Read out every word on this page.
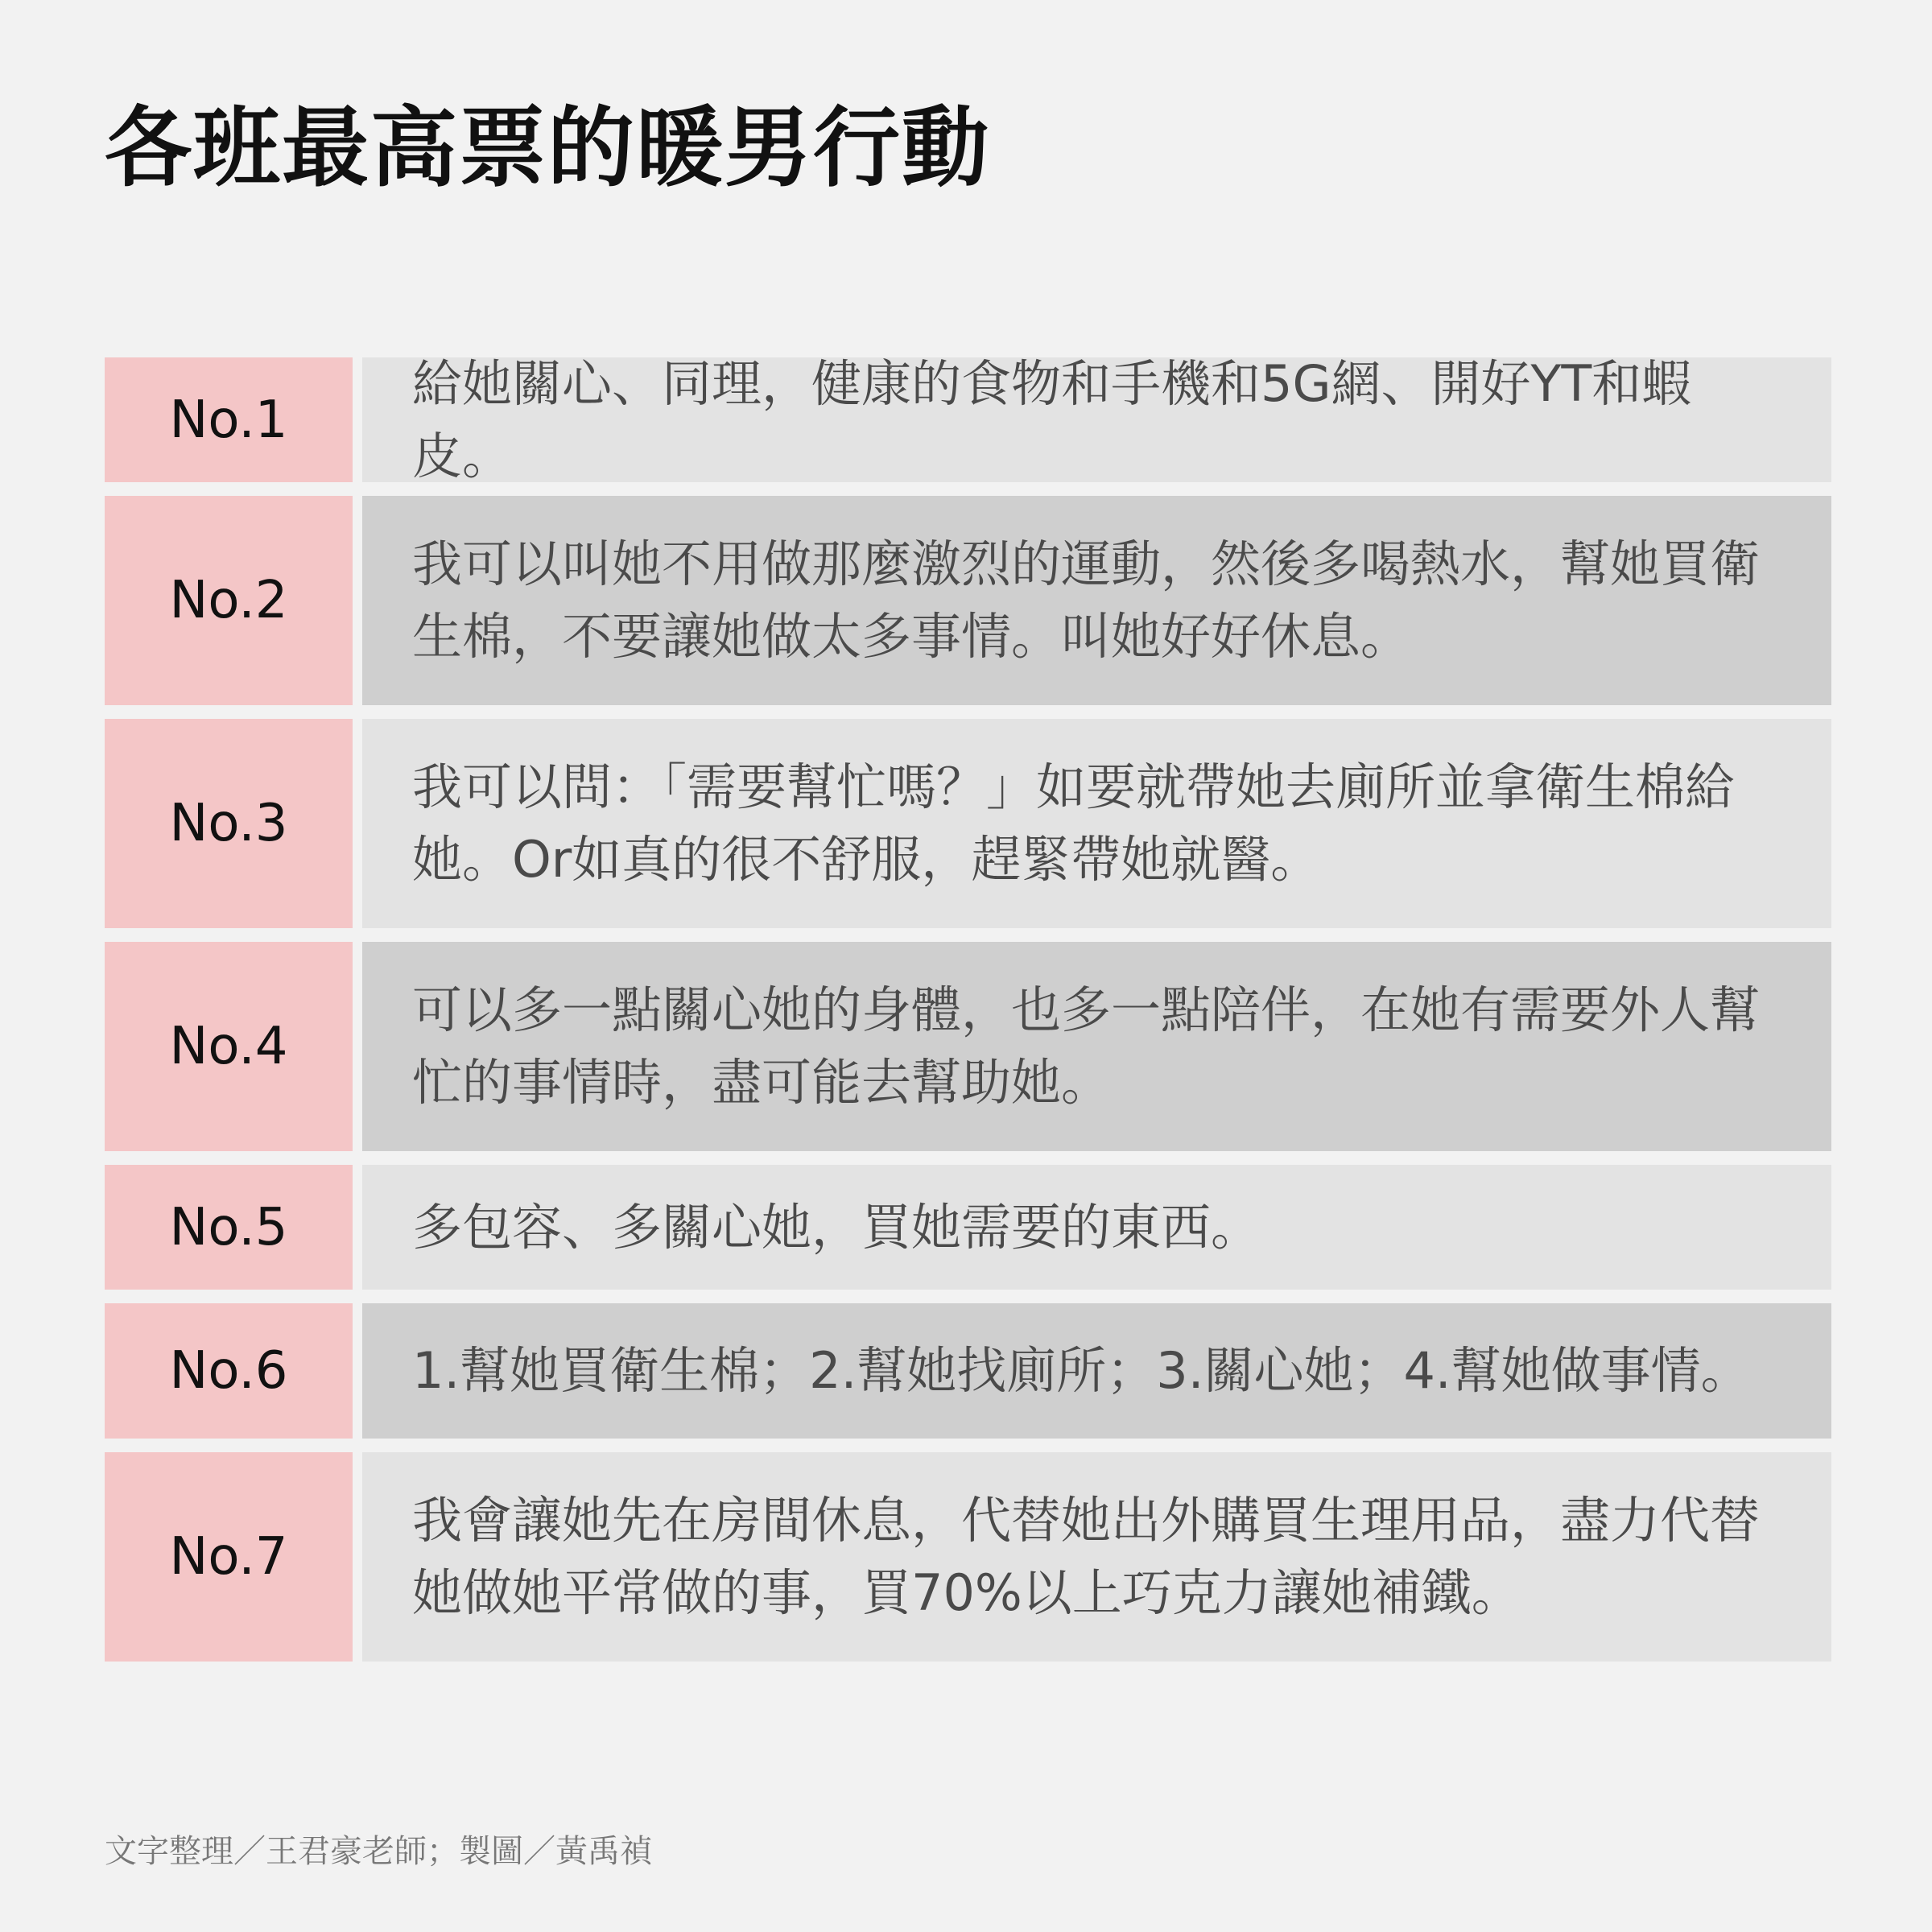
各班最高票的暖男行動
No.1
給她關心、同理，健康的食物和手機和5G網、開好YT和蝦皮。
No.2
我可以叫她不用做那麼激烈的運動，然後多喝熱水，幫她買衛生棉，不要讓她做太多事情。叫她好好休息。
No.3
我可以問：「需要幫忙嗎？」如要就帶她去廁所並拿衛生棉給她。Or如真的很不舒服，趕緊帶她就醫。
No.4
可以多一點關心她的身體，也多一點陪伴，在她有需要外人幫忙的事情時，盡可能去幫助她。
No.5	多包容、多關心她，買她需要的東西。
No.6	1.幫她買衛生棉；2.幫她找廁所；3.關心她；4.幫她做事情。
No.7
我會讓她先在房間休息，代替她出外購買生理用品，盡力代替她做她平常做的事，買70%以上巧克力讓她補鐵。
文字整理／王君豪老師；製圖／黃禹禎
